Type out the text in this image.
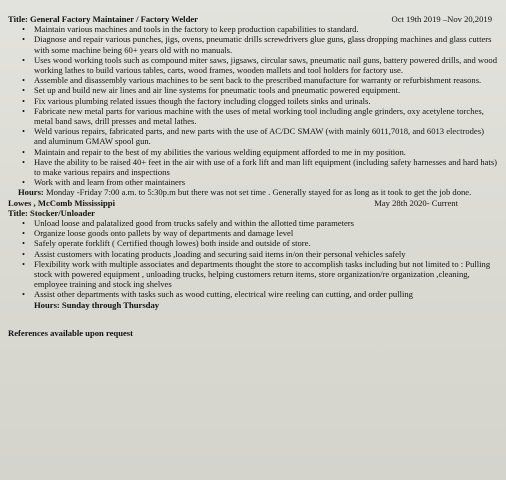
Title: General Factory Maintainer / Factory Welder	Oct 19th 2019 –Nov 20,2019
• Maintain various machines and tools in the factory to keep production capabilities to standard.
• Diagnose and repair various punches, jigs, ovens, pneumatic drills screwdrivers glue guns, glass dropping machines and glass cutters with some machine being 60+ years old with no manuals.
• Uses wood working tools such as compound miter saws, jigsaws, circular saws, pneumatic nail guns, battery powered drills, and wood working lathes to build various tables, carts, wood frames, wooden mallets and tool holders for factory use.
• Assemble and disassembly various machines to be sent back to the prescribed manufacture for warranty or refurbishment reasons.
• Set up and build new air lines and air line systems for pneumatic tools and pneumatic powered equipment.
• Fix various plumbing related issues though the factory including clogged toilets sinks and urinals.
• Fabricate new metal parts for various machine with the uses of metal working tool including angle grinders, oxy acetylene torches, metal band saws, drill presses and metal lathes.
• Weld various repairs, fabricated parts, and new parts with the use of AC/DC SMAW (with mainly 6011,7018, and 6013 electrodes) and aluminum GMAW spool gun.
• Maintain and repair to the best of my abilities the various welding equipment afforded to me in my position.
• Have the ability to be raised 40+ feet in the air with use of a fork lift and man lift equipment (including safety harnesses and hard hats) to make various repairs and inspections
• Work with and learn from other maintainers
Hours: Monday -Friday 7:00 a.m. to 5:30p.m but there was not set time . Generally stayed for as long as it took to get the job done.
Lowes , McComb Mississippi	May 28th 2020- Current
Title: Stocker/Unloader
• Unload loose and palatalized good from trucks safely and within the allotted time parameters
• Organize loose goods onto pallets by way of departments and damage level
• Safely operate forklift ( Certified though lowes) both inside and outside of store.
• Assist customers with locating products ,loading and securing said items in/on their personal vehicles safely
• Flexibility work with multiple associates and departments thought the store to accomplish tasks including but not limited to : Pulling stock with powered equipment , unloading trucks, helping customers return items, store organization/re organization ,cleaning, employee training and stock ing shelves
• Assist other departments with tasks such as wood cutting, electrical wire reeling can cutting, and order pulling
Hours: Sunday through Thursday
References available upon request
